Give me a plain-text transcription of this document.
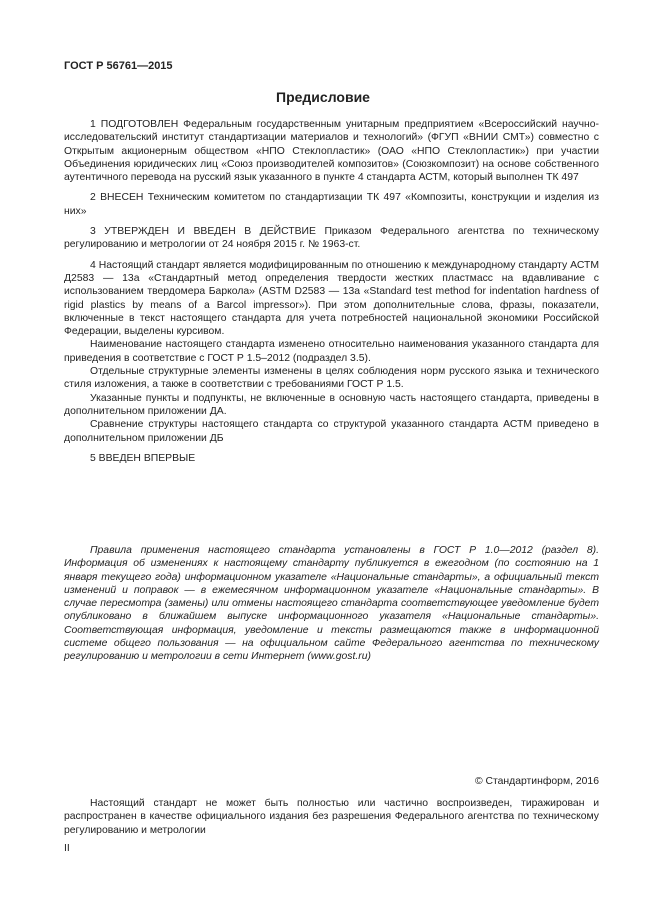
ГОСТ Р 56761—2015
Предисловие

1 ПОДГОТОВЛЕН Федеральным государственным унитарным предприятием «Всероссийский научно-исследовательский институт стандартизации материалов и технологий» (ФГУП «ВНИИ СМТ») совместно с Открытым акционерным обществом «НПО Стеклопластик» (ОАО «НПО Стеклопластик») при участии Объединения юридических лиц «Союз производителей композитов» (Союзкомпозит) на основе собственного аутентичного перевода на русский язык указанного в пункте 4 стандарта АСТМ, который выполнен ТК 497

2 ВНЕСЕН Техническим комитетом по стандартизации ТК 497 «Композиты, конструкции и изделия из них»

3 УТВЕРЖДЕН И ВВЕДЕН В ДЕЙСТВИЕ Приказом Федерального агентства по техническому регулированию и метрологии от 24 ноября 2015 г. № 1963-ст.

4 Настоящий стандарт является модифицированным по отношению к международному стандарту АСТМ Д2583 — 13а «Стандартный метод определения твердости жестких пластмасс на вдавливание с использованием твердомера Баркола» (ASTM D2583 — 13a «Standard test method for indentation hardness of rigid plastics by means of a Barcol impressor»). При этом дополнительные слова, фразы, показатели, включенные в текст настоящего стандарта для учета потребностей национальной экономики Российской Федерации, выделены курсивом.

Наименование настоящего стандарта изменено относительно наименования указанного стандарта для приведения в соответствие с ГОСТ Р 1.5–2012 (подраздел 3.5).

Отдельные структурные элементы изменены в целях соблюдения норм русского языка и технического стиля изложения, а также в соответствии с требованиями ГОСТ Р 1.5.

Указанные пункты и подпункты, не включенные в основную часть настоящего стандарта, приведены в дополнительном приложении ДА.

Сравнение структуры настоящего стандарта со структурой указанного стандарта АСТМ приведено в дополнительном приложении ДБ

5 ВВЕДЕН ВПЕРВЫЕ

Правила применения настоящего стандарта установлены в ГОСТ Р 1.0—2012 (раздел 8). Информация об изменениях к настоящему стандарту публикуется в ежегодном (по состоянию на 1 января текущего года) информационном указателе «Национальные стандарты», а официальный текст изменений и поправок — в ежемесячном информационном указателе «Национальные стандарты». В случае пересмотра (замены) или отмены настоящего стандарта соответствующее уведомление будет опубликовано в ближайшем выпуске информационного указателя «Национальные стандарты». Соответствующая информация, уведомление и тексты размещаются также в информационной системе общего пользования — на официальном сайте Федерального агентства по техническому регулированию и метрологии в сети Интернет (www.gost.ru)
© Стандартинформ, 2016
Настоящий стандарт не может быть полностью или частично воспроизведен, тиражирован и распространен в качестве официального издания без разрешения Федерального агентства по техническому регулированию и метрологии
II
